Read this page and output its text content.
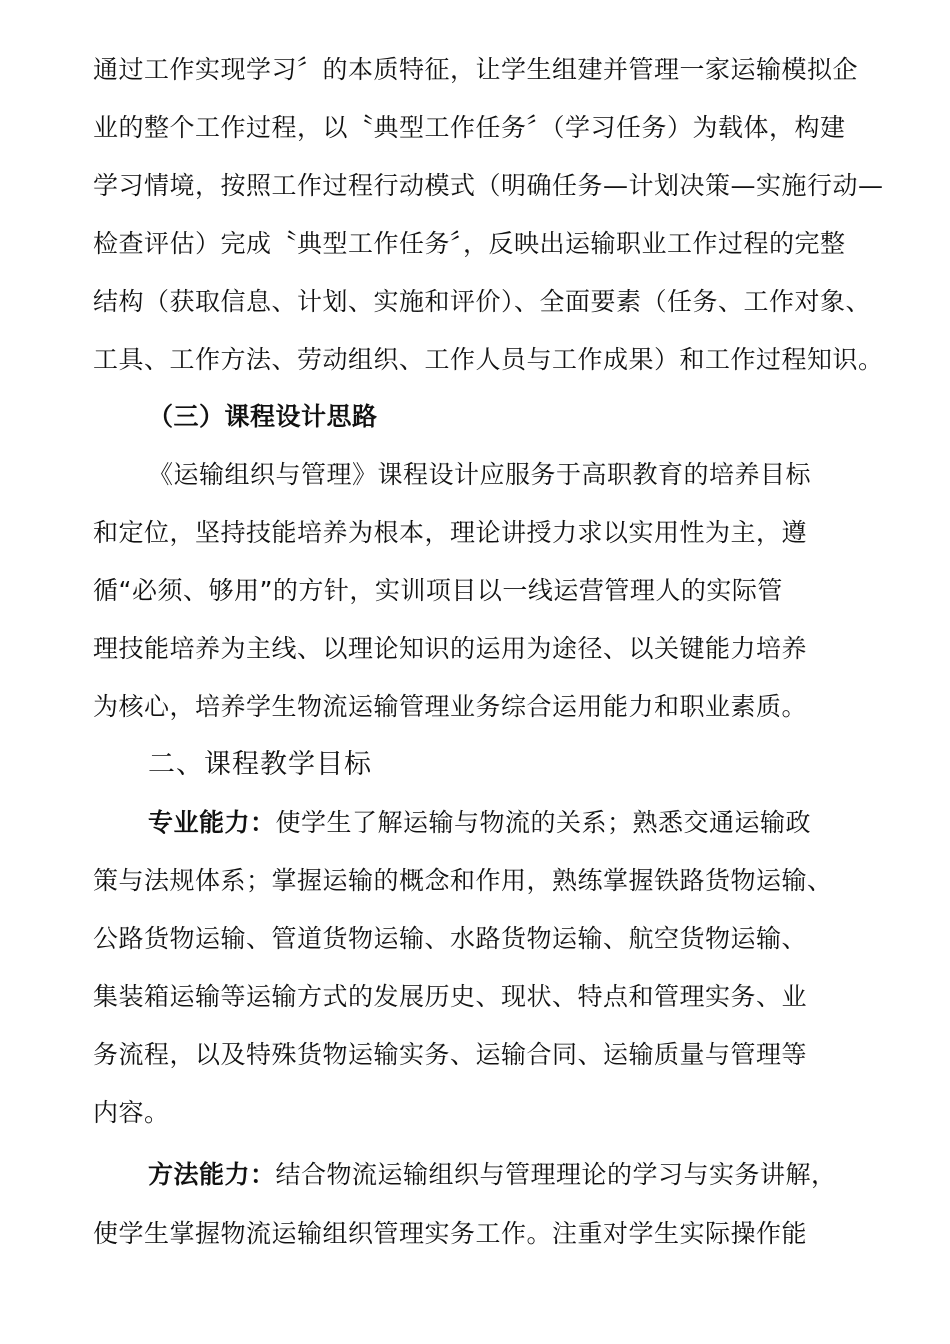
通过工作实现学习〞的本质特征，让学生组建并管理一家运输模拟企
业的整个工作过程，以〝典型工作任务〞（学习任务）为载体，构建
学习情境，按照工作过程行动模式（明确任务—计划决策—实施行动—
检查评估）完成〝典型工作任务〞，反映出运输职业工作过程的完整
结构（获取信息、计划、实施和评价）、全面要素（任务、工作对象、
工具、工作方法、劳动组织、工作人员与工作成果）和工作过程知识。
（三）课程设计思路
《运输组织与管理》课程设计应服务于高职教育的培养目标
和定位，坚持技能培养为根本，理论讲授力求以实用性为主，遵
循“必须、够用”的方针，实训项目以一线运营管理人的实际管
理技能培养为主线、以理论知识的运用为途径、以关键能力培养
为核心，培养学生物流运输管理业务综合运用能力和职业素质。
二、课程教学目标
专业能力：使学生了解运输与物流的关系；熟悉交通运输政
策与法规体系；掌握运输的概念和作用，熟练掌握铁路货物运输、
公路货物运输、管道货物运输、水路货物运输、航空货物运输、
集装箱运输等运输方式的发展历史、现状、特点和管理实务、业
务流程，以及特殊货物运输实务、运输合同、运输质量与管理等
内容。
方法能力：结合物流运输组织与管理理论的学习与实务讲解，
使学生掌握物流运输组织管理实务工作。注重对学生实际操作能
